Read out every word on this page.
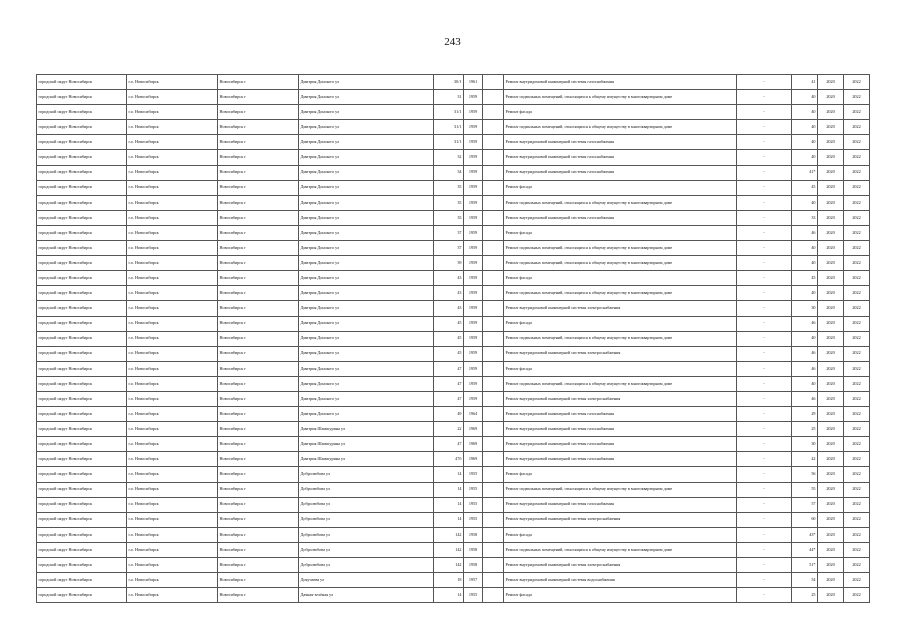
243
городской округ Новосибирск	г.о. Новосибирск	Новосибирск г	Дмитрия Донского ул	30/1	1961		Ремонт внутридомовой инженерной системы газоснабжения	-	41	2020	2022
городской округ Новосибирск	г.о. Новосибирск	Новосибирск г	Дмитрия Донского ул	31	1959		Ремонт подвальных помещений, относящихся к общему имуществу в многоквартирном доме	-	40	2020	2022
городской округ Новосибирск	г.о. Новосибирск	Новосибирск г	Дмитрия Донского ул	31/1	1959		Ремонт фасада	-	40	2020	2022
городской округ Новосибирск	г.о. Новосибирск	Новосибирск г	Дмитрия Донского ул	31/1	1959		Ремонт подвальных помещений, относящихся к общему имуществу в многоквартирном доме	-	40	2020	2022
городской округ Новосибирск	г.о. Новосибирск	Новосибирск г	Дмитрия Донского ул	31/1	1959		Ремонт внутридомовой инженерной системы газоснабжения	-	40	2020	2022
городской округ Новосибирск	г.о. Новосибирск	Новосибирск г	Дмитрия Донского ул	32	1959		Ремонт внутридомовой инженерной системы газоснабжения	-	40	2020	2022
городской округ Новосибирск	г.о. Новосибирск	Новосибирск г	Дмитрия Донского ул	34	1959		Ремонт внутридомовой инженерной системы газоснабжения	-	41*	2020	2022
городской округ Новосибирск	г.о. Новосибирск	Новосибирск г	Дмитрия Донского ул	35	1959		Ремонт фасада	-	45	2020	2022
городской округ Новосибирск	г.о. Новосибирск	Новосибирск г	Дмитрия Донского ул	35	1959		Ремонт подвальных помещений, относящихся к общему имуществу в многоквартирном доме	-	40	2020	2022
городской округ Новосибирск	г.о. Новосибирск	Новосибирск г	Дмитрия Донского ул	35	1959		Ремонт внутридомовой инженерной системы газоснабжения	-	33	2020	2022
городской округ Новосибирск	г.о. Новосибирск	Новосибирск г	Дмитрия Донского ул	37	1959		Ремонт фасада	-	46	2020	2022
городской округ Новосибирск	г.о. Новосибирск	Новосибирск г	Дмитрия Донского ул	37	1959		Ремонт подвальных помещений, относящихся к общему имуществу в многоквартирном доме	-	40	2020	2022
городской округ Новосибирск	г.о. Новосибирск	Новосибирск г	Дмитрия Донского ул	39	1959		Ремонт подвальных помещений, относящихся к общему имуществу в многоквартирном доме	-	40	2020	2022
городской округ Новосибирск	г.о. Новосибирск	Новосибирск г	Дмитрия Донского ул	43	1959		Ремонт фасада	-	45	2020	2022
городской округ Новосибирск	г.о. Новосибирск	Новосибирск г	Дмитрия Донского ул	43	1959		Ремонт подвальных помещений, относящихся к общему имуществу в многоквартирном доме	-	40	2020	2022
городской округ Новосибирск	г.о. Новосибирск	Новосибирск г	Дмитрия Донского ул	43	1959		Ремонт внутридомовой инженерной системы электроснабжения	-	30	2020	2022
городской округ Новосибирск	г.о. Новосибирск	Новосибирск г	Дмитрия Донского ул	45	1959		Ремонт фасада	-	46	2020	2022
городской округ Новосибирск	г.о. Новосибирск	Новосибирск г	Дмитрия Донского ул	45	1959		Ремонт подвальных помещений, относящихся к общему имуществу в многоквартирном доме	-	40	2020	2022
городской округ Новосибирск	г.о. Новосибирск	Новосибирск г	Дмитрия Донского ул	45	1959		Ремонт внутридомовой инженерной системы электроснабжения	-	46	2020	2022
городской округ Новосибирск	г.о. Новосибирск	Новосибирск г	Дмитрия Донского ул	47	1959		Ремонт фасада	-	46	2020	2022
городской округ Новосибирск	г.о. Новосибирск	Новосибирск г	Дмитрия Донского ул	47	1959		Ремонт подвальных помещений, относящихся к общему имуществу в многоквартирном доме	-	40	2020	2022
городской округ Новосибирск	г.о. Новосибирск	Новосибирск г	Дмитрия Донского ул	47	1959		Ремонт внутридомовой инженерной системы электроснабжения	-	46	2020	2022
городской округ Новосибирск	г.о. Новосибирск	Новосибирск г	Дмитрия Донского ул	49	1964		Ремонт внутридомовой инженерной системы газоснабжения	-	29	2020	2022
городской округ Новосибирск	г.о. Новосибирск	Новосибирск г	Дмитрия Шамшурина ул	22	1969		Ремонт внутридомовой инженерной системы газоснабжения	-	25	2020	2022
городской округ Новосибирск	г.о. Новосибирск	Новосибирск г	Дмитрия Шамшурина ул	47	1969		Ремонт внутридомовой инженерной системы газоснабжения	-	30	2020	2022
городской округ Новосибирск	г.о. Новосибирск	Новосибирск г	Дмитрия Шамшурина ул	47б	1969		Ремонт внутридомовой инженерной системы газоснабжения	-	42	2020	2022
городской округ Новосибирск	г.о. Новосибирск	Новосибирск г	Добролюбова ул	14	1955		Ремонт фасада	-	56	2020	2022
городской округ Новосибирск	г.о. Новосибирск	Новосибирск г	Добролюбова ул	14	1955		Ремонт подвальных помещений, относящихся к общему имуществу в многоквартирном доме	-	55	2020	2022
городской округ Новосибирск	г.о. Новосибирск	Новосибирск г	Добролюбова ул	14	1955		Ремонт внутридомовой инженерной системы газоснабжения	-	57	2020	2022
городской округ Новосибирск	г.о. Новосибирск	Новосибирск г	Добролюбова ул	14	1955		Ремонт внутридомовой инженерной системы электроснабжения	-	60	2020	2022
городской округ Новосибирск	г.о. Новосибирск	Новосибирск г	Добролюбова ул	142	1958		Ремонт фасада	-	43*	2020	2022
городской округ Новосибирск	г.о. Новосибирск	Новосибирск г	Добролюбова ул	142	1958		Ремонт подвальных помещений, относящихся к общему имуществу в многоквартирном доме	-	44*	2020	2022
городской округ Новосибирск	г.о. Новосибирск	Новосибирск г	Добролюбова ул	142	1958		Ремонт внутридомовой инженерной системы электроснабжения	-	51*	2020	2022
городской округ Новосибирск	г.о. Новосибирск	Новосибирск г	Докучаева ул	18	1957		Ремонт внутридомовой инженерной системы водоснабжения	-	54	2020	2022
городской округ Новосибирск	г.о. Новосибирск	Новосибирск г	Дачная-зелёная ул	14	1955		Ремонт фасада	-	25	2020	2022
